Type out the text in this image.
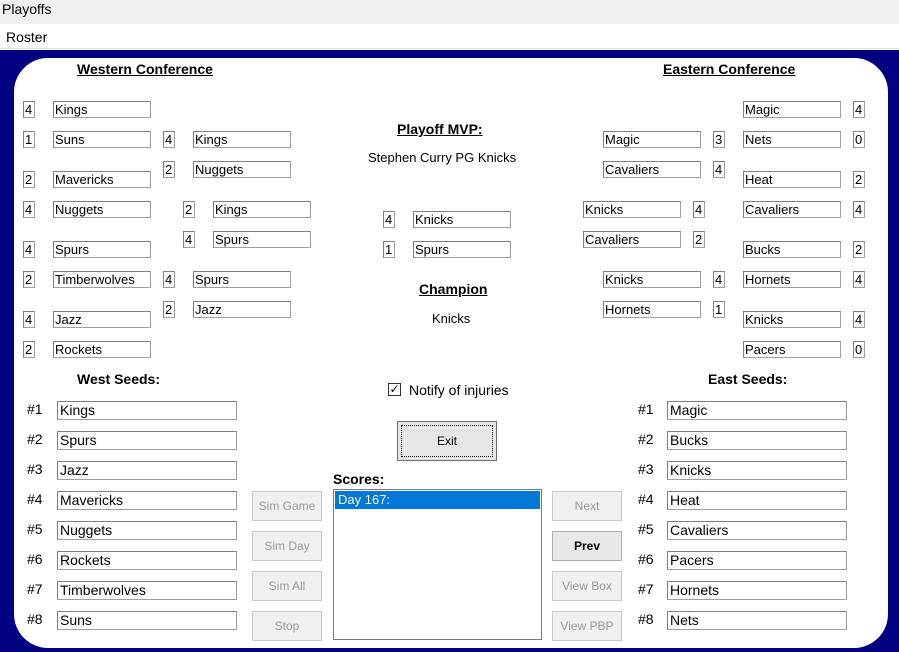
Playoffs
Roster
Western Conference	Eastern Conference
4 Kings
1 Suns
2 Mavericks
4 Nuggets
4 Spurs
2 Timberwolves
4 Jazz
2 Rockets
4 Kings
2 Nuggets
4 Spurs
2 Jazz
2 Kings
4 Spurs
4 Knicks
1 Spurs
Playoff MVP:
Stephen Curry PG Knicks
Champion
Knicks
Knicks	4
Cavaliers	2
Magic	3
Cavaliers	4
Knicks	4
Hornets	1
Magic	4
Nets	0
Heat	2
Cavaliers	4
Bucks	2
Hornets	4
Knicks	4
Pacers	0
West Seeds:	East Seeds:
✓ Notify of injuries
Exit
Scores:
Day 167:
#1 Kings
#2 Spurs
#3 Jazz
#4 Mavericks
#5 Nuggets
#6 Rockets
#7 Timberwolves
#8 Suns
#1 Magic
#2 Bucks
#3 Knicks
#4 Heat
#5 Cavaliers
#6 Pacers
#7 Hornets
#8 Nets
Sim Game
Sim Day
Sim All
Stop
Next
Prev
View Box
View PBP
